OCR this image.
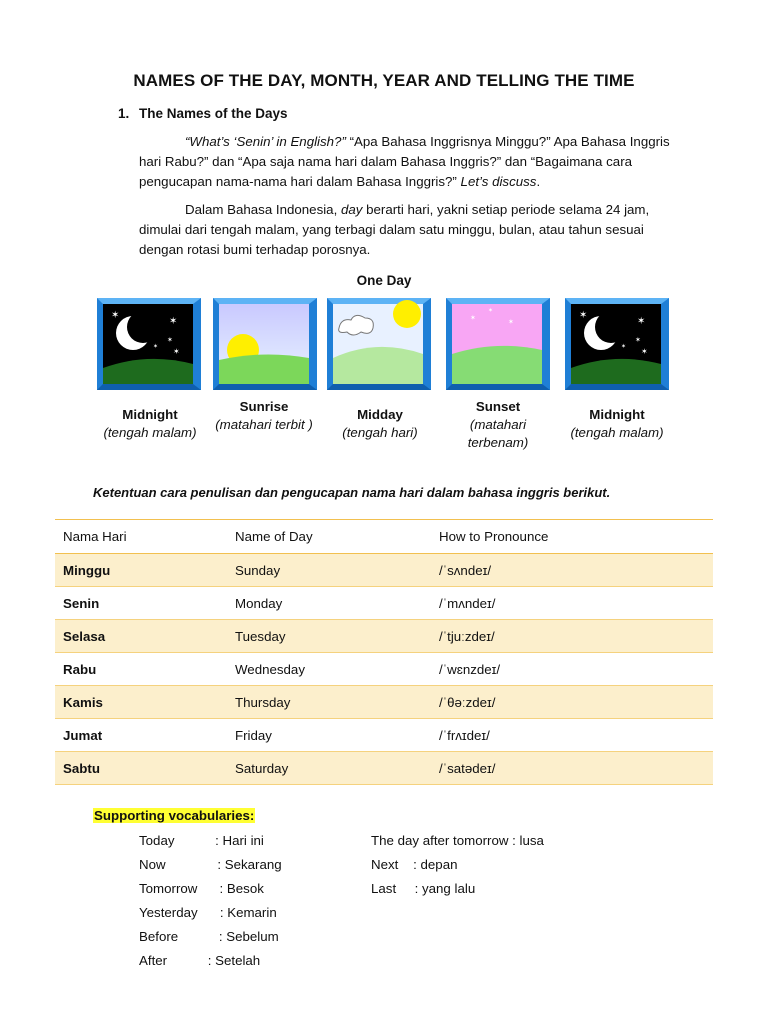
NAMES OF THE DAY, MONTH, YEAR AND TELLING THE TIME
1. The Names of the Days
“What’s ‘Senin’ in English?” “Apa Bahasa Inggrisnya Minggu?” Apa Bahasa Inggris hari Rabu?” dan “Apa saja nama hari dalam Bahasa Inggris?” dan “Bagaimana cara pengucapan nama-nama hari dalam Bahasa Inggris?” Let’s discuss.
Dalam Bahasa Indonesia, day berarti hari, yakni setiap periode selama 24 jam, dimulai dari tengah malam, yang terbagi dalam satu minggu, bulan, atau tahun sesuai dengan rotasi bumi terhadap porosnya.
One Day
✶
✶
✶
✶
✶
✶
✶
✶	✶
✶
✶
✶
✶
Midnight
(tengah malam)
Sunrise
(matahari terbit )
Midday
(tengah hari)
Sunset
(matahari terbenam)
Midnight
(tengah malam)
Ketentuan cara penulisan dan pengucapan nama hari dalam bahasa inggris berikut.
Nama Hari	Name of Day	How to Pronounce
Minggu	Sunday	/ˈsʌndeɪ/
Senin	Monday	/ˈmʌndeɪ/
Selasa	Tuesday	/ˈtjuːzdeɪ/
Rabu	Wednesday	/ˈwɛnzdeɪ/
Kamis	Thursday	/ˈθəːzdeɪ/
Jumat	Friday	/ˈfrʌɪdeɪ/
Sabtu	Saturday	/ˈsatədeɪ/
Supporting vocabularies:
Today           : Hari ini
Now              : Sekarang
Tomorrow      : Besok
Yesterday      : Kemarin
Before           : Sebelum
After           : Setelah
The day after tomorrow : lusa
Next    : depan
Last     : yang lalu
